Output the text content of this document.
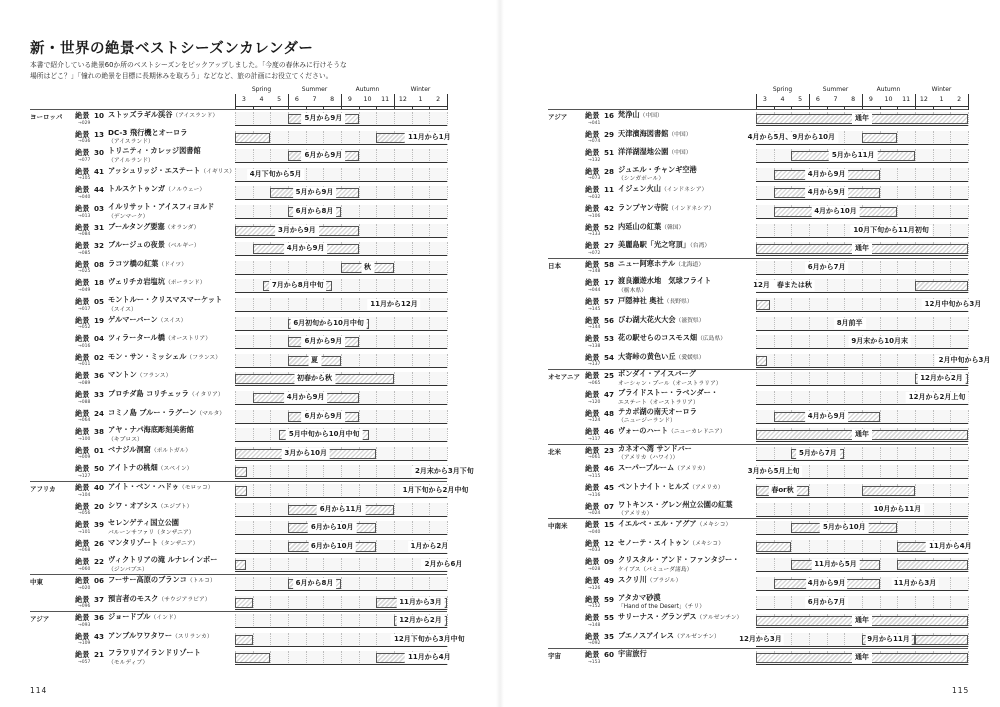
新・世界の絶景ベストシーズンカレンダー
本書で紹介している絶景60か所のベストシーズンをピックアップしました。「今度の春休みに行けそうな
場所はどこ？」「憧れの絶景を目標に長期休みを取ろう」などなど、旅の計画にお役立てください。
114	115
Spring	Summer	Autumn	Winter
3	4	5	6	7	8	9	10 11 12	1	2
ヨーロッパ 絶景 10
→029
ストッズラギル渓谷（アイスランド）	5月から9月
絶景 13
→036
DC-3 飛行機とオーロラ
（アイスランド）
11月から1月
絶景 30
→077
トリニティ・カレッジ図書館
（アイルランド）
6月から9月
絶景 41
→105
アッシュリッジ・エステート（イギリス）	4月下旬から5月
絶景 44
→040
トルスケトゥンガ（ノルウェー）	5月から9月
絶景 03
→013
イルリサット・アイスフィヨルド
（デンマーク）
6月から8月
絶景 31
→084
ブールタング要塞（オランダ）	3月から9月
絶景 32
→085
ブルージュの夜景（ベルギー）	4月から9月
絶景 08
→025
ラコツ橋の紅葉（ドイツ）	秋
絶景 18
→049
ヴェリチカ岩塩坑（ポーランド）	7月から8月中旬
絶景 05
→017
モントルー・クリスマスマーケット
（スイス）
11月から12月
絶景 19
→052
ゲルマーバーン（スイス）	6月初旬から10月中旬
絶景 04
→016
ツィラータール橋（オーストリア）	6月から9月
絶景 02
→011
モン・サン・ミッシェル（フランス）	夏
絶景 36
→089
マントン（フランス）	初春から秋
絶景 33
→088
プロチダ島 コリチェッラ（イタリア）	4月から9月
絶景 24
→064
コミノ島 ブルー・ラグーン（マルタ）	6月から9月
絶景 38
→100
アヤ・ナパ海底彫刻美術館
（キプロス）
5月中旬から10月中旬
絶景 01
→009
ベナジル洞窟（ポルトガル）	3月から10月
絶景 50
→127
アイトナの桃畑（スペイン）	2月末から3月下旬
アフリカ	絶景 40
→104
アイト・ベン・ハドゥ（モロッコ）	1月下旬から2月中旬
絶景 20
→056
シワ・オアシス（エジプト）	6月から11月
絶景 39
→101
セレンゲティ国立公園
バルーンサファリ（タンザニア）
6月から10月
絶景 26
→068
マンタリゾート（タンザニア）	6月から10月	1月から2月
絶景 22
→060
ヴィクトリアの滝 ルナレインボー
（ジンバブエ）
2月から6月
中東	絶景 06
→020
フーサー高原のブランコ（トルコ）	6月から8月
絶景 37
→096
預言者のモスク（サウジアラビア）	11月から3月
アジア	絶景 36
→093
ジョードプル（インド）	12月から2月
絶景 43
→109
アンブルワワタワー（スリランカ）	12月下旬から3月中旬
絶景 21
→057
フラワリアイランドリゾート
（モルディブ）
11月から4月
Spring	Summer	Autumn	Winter
3	4	5	6	7	8	9	10 11 12	1	2
アジア 絶景 16
→041
梵浄山（中国）	通年
絶景 29
→074
天津濱海図書館（中国）	4月から5月、9月から10月
絶景 51
→132
洋洋湖湿地公園（中国）	5月から11月
絶景 28
→073
ジュエル・チャンギ空港
（シンガポール）
4月から9月
絶景 11
→032
イジェン火山（インドネシア）	4月から9月
絶景 42
→106
ランプヤン寺院（インドネシア）	4月から10月
絶景 52
→133
内延山の紅葉（韓国）	10月下旬から11月初旬
絶景 27
→072
美麗島駅「光之穹頂」（台湾）	通年
日本	絶景 58
→148
ニュー阿寒ホテル（北海道）	6月から7月
絶景 17
→044
渡良瀬遊水地　気球フライト
（栃木県）
12月　春または秋
絶景 57
→145
戸隠神社 奥社（長野県）	12月中旬から3月
絶景 56
→144
びわ湖大花火大会（滋賀県）	8月前半
絶景 53
→138
花の駅せらのコスモス畑（広島県）	9月末から10月末
絶景 54
→137
大寄峠の黄色い丘（愛媛県）	2月中旬から3月
オセアニア 絶景 25
→065
ボンダイ・アイスバーグ
オーシャン・プール（オーストラリア）
12月から2月
絶景 47
→120
ブライドストー・ラベンダー・
エステート（オーストラリア）
12月から2月上旬
絶景 48
→124
テカポ湖の南天オーロラ
（ニュージーランド）
4月から9月
絶景 46
→117
ヴォーのハート（ニューカレドニア）	通年
北米	絶景 23
→061
カネオヘ湾 サンドバー
（アメリカ（ハワイ））
5月から7月
絶景 46
→115
スーパーブルーム（アメリカ）	3月から5月上旬
絶景 45
→116
ペントナイト・ヒルズ（アメリカ）	春or秋
絶景 07
→024
ワトキンス・グレン州立公園の紅葉
（アメリカ）
10月から11月
中南米 絶景 15
→040
イエルベ・エル・アグア（メキシコ）	5月から10月
絶景 12
→033
セノーテ・スイトゥン（メキシコ）	11月から4月
絶景 09
→028
クリスタル・アンド・ファンタジー・
ケイブス（バミューダ諸島）
11月から5月
絶景 49
→126
スクリ川（ブラジル）	4月から9月	11月から3月
絶景 59
→152
アタカマ砂漠
「Hand of the Desert」（チリ）
6月から7月
絶景 55
→148
サリーナス・グランデス（アルゼンチン）	通年
絶景 35
→092
ブエノスアイレス（アルゼンチン）	12月から3月	9月から11月
宇宙	絶景 60
→153
宇宙旅行	通年
